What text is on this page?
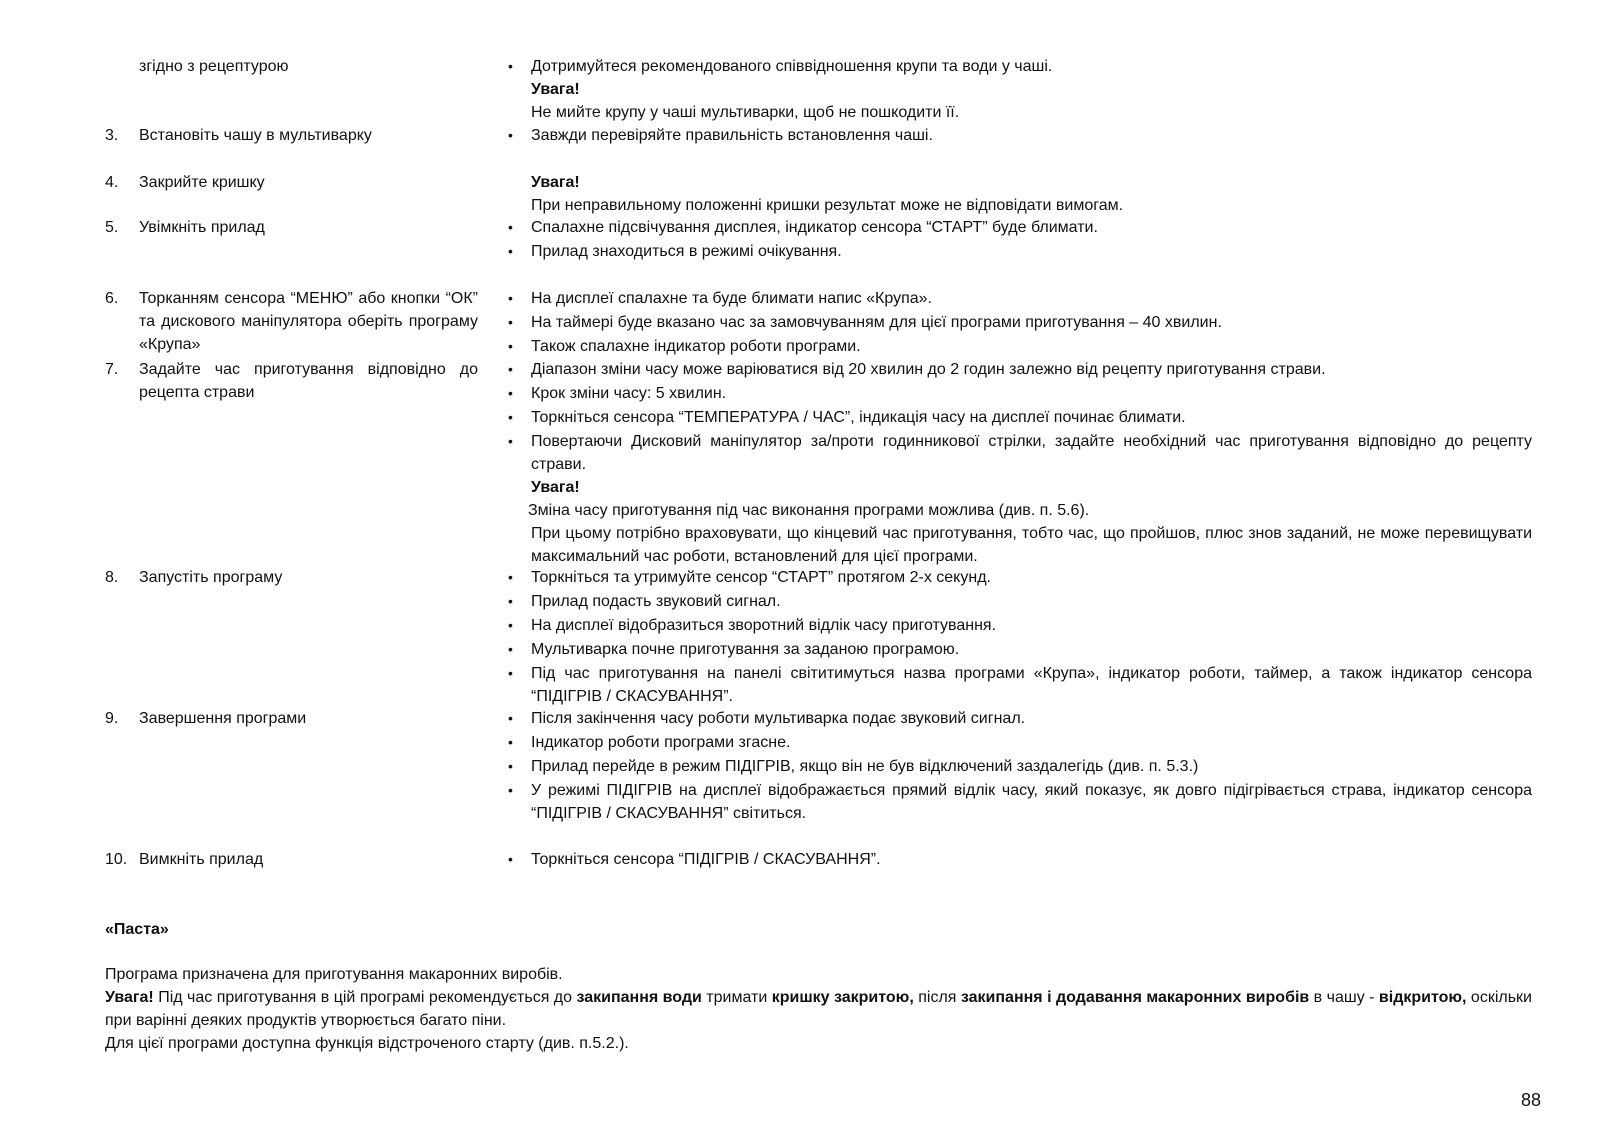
згідно з рецептурою
3. Встановіть чашу в мультиварку
4. Закрийте кришку
5. Увімкніть прилад
6. Торканням сенсора “МЕНЮ” або кнопки “ОК” та дискового маніпулятора оберіть програму «Крупа»
7. Задайте час приготування відповідно до рецепта страви
8. Запустіть програму
9. Завершення програми
10. Вимкніть прилад
• Дотримуйтеся рекомендованого співвідношення крупи та води у чаші.
Увага!
Не мийте крупу у чаші мультиварки, щоб не пошкодити її.
• Завжди перевіряйте правильність встановлення чаші.
Увага!
При неправильному положенні кришки результат може не відповідати вимогам.
• Спалахне підсвічування дисплея, індикатор сенсора “СТАРТ” буде блимати.
• Прилад знаходиться в режимі очікування.
• На дисплеї спалахне та буде блимати напис «Крупа».
• На таймері буде вказано час за замовчуванням для цієї програми приготування – 40 хвилин.
• Також спалахне індикатор роботи програми.
• Діапазон зміни часу може варіюватися від 20 хвилин до 2 годин залежно від рецепту приготування страви.
• Крок зміни часу: 5 хвилин.
• Торкніться сенсора “ТЕМПЕРАТУРА / ЧАС”, індикація часу на дисплеї починає блимати.
• Повертаючи Дисковий маніпулятор за/проти годинникової стрілки, задайте необхідний час приготування відповідно до рецепту страви.
Увага!
Зміна часу приготування під час виконання програми можлива (див. п. 5.6).
При цьому потрібно враховувати, що кінцевий час приготування, тобто час, що пройшов, плюс знов заданий, не може перевищувати максимальний час роботи, встановлений для цієї програми.
• Торкніться та утримуйте сенсор “СТАРТ” протягом 2-х секунд.
• Прилад подасть звуковий сигнал.
• На дисплеї відобразиться зворотний відлік часу приготування.
• Мультиварка почне приготування за заданою програмою.
• Під час приготування на панелі світитимуться назва програми «Крупа», індикатор роботи, таймер, а також індикатор сенсора “ПІДІГРІВ / СКАСУВАННЯ”.
• Після закінчення часу роботи мультиварка подає звуковий сигнал.
• Індикатор роботи програми згасне.
• Прилад перейде в режим ПІДІГРІВ, якщо він не був відключений заздалегідь (див. п. 5.3.)
• У режимі ПІДІГРІВ на дисплеї відображається прямий відлік часу, який показує, як довго підігрівається страва, індикатор сенсора “ПІДІГРІВ / СКАСУВАННЯ” світиться.
• Торкніться сенсора “ПІДІГРІВ / СКАСУВАННЯ”.
«Паста»
Програма призначена для приготування макаронних виробів.
Увага! Під час приготування в цій програмі рекомендується до закипання води тримати кришку закритою, після закипання і додавання макаронних виробів в чашу - відкритою, оскільки при варінні деяких продуктів утворюється багато піни.
Для цієї програми доступна функція відстроченого старту (див. п.5.2.).
88
